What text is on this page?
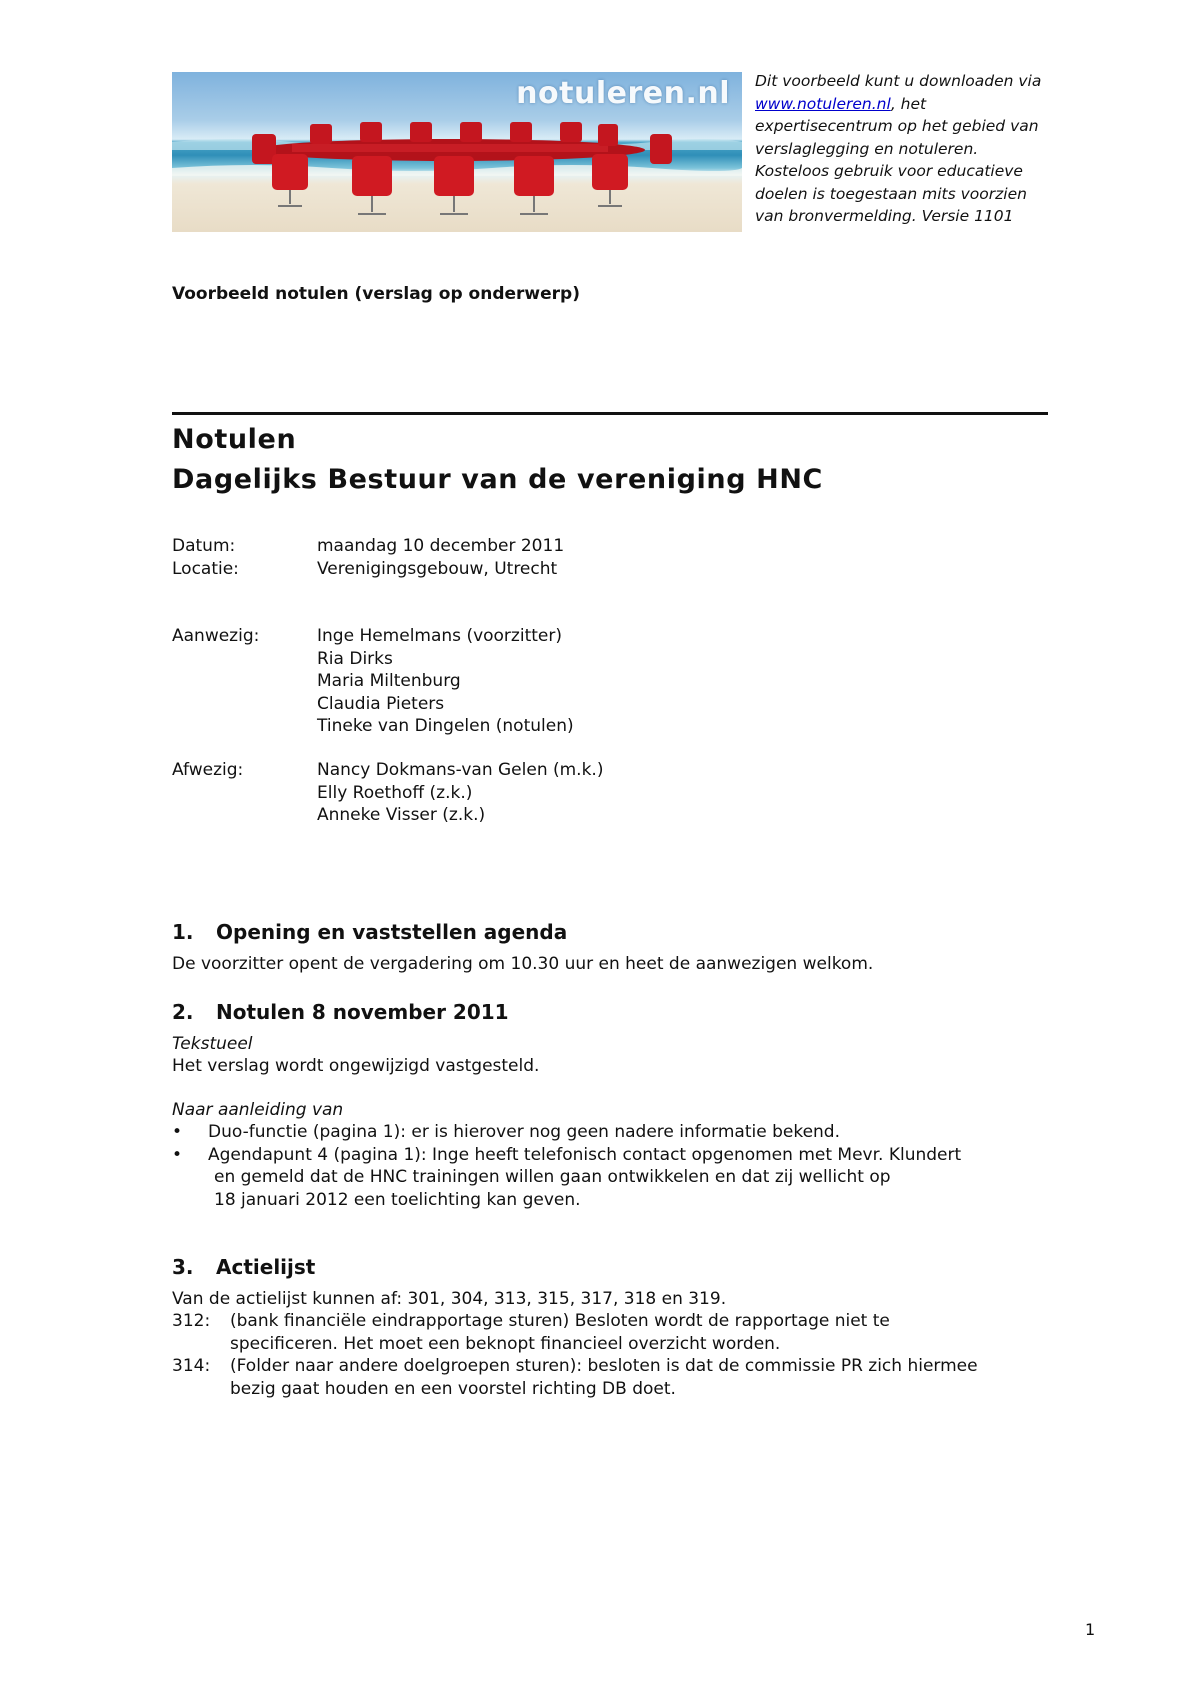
notuleren.nl Dit voorbeeld kunt u downloaden via www.notuleren.nl, het expertisecentrum op het gebied van verslaglegging en notuleren. Kosteloos gebruik voor educatieve doelen is toegestaan mits voorzien van bronvermelding. Versie 1101
Voorbeeld notulen (verslag op onderwerp)
Notulen
Dagelijks Bestuur van de vereniging HNC
Datum:	maandag 10 december 2011
Locatie:	Verenigingsgebouw, Utrecht
Aanwezig:	Inge Hemelmans (voorzitter)
Ria Dirks
Maria Miltenburg
Claudia Pieters
Tineke van Dingelen (notulen)
Afwezig:	Nancy Dokmans-van Gelen (m.k.)
Elly Roethoff (z.k.)
Anneke Visser (z.k.)
1. Opening en vaststellen agenda
De voorzitter opent de vergadering om 10.30 uur en heet de aanwezigen welkom.
2. Notulen 8 november 2011
Tekstueel
Het verslag wordt ongewijzigd vastgesteld.
Naar aanleiding van
• Duo-functie (pagina 1): er is hierover nog geen nadere informatie bekend.
• Agendapunt 4 (pagina 1): Inge heeft telefonisch contact opgenomen met Mevr. Klundert
en gemeld dat de HNC trainingen willen gaan ontwikkelen en dat zij wellicht op
18 januari 2012 een toelichting kan geven.
3. Actielijst
Van de actielijst kunnen af: 301, 304, 313, 315, 317, 318 en 319.
312: (bank financiële eindrapportage sturen) Besloten wordt de rapportage niet te
specificeren. Het moet een beknopt financieel overzicht worden.
314: (Folder naar andere doelgroepen sturen): besloten is dat de commissie PR zich hiermee
bezig gaat houden en een voorstel richting DB doet.
1
